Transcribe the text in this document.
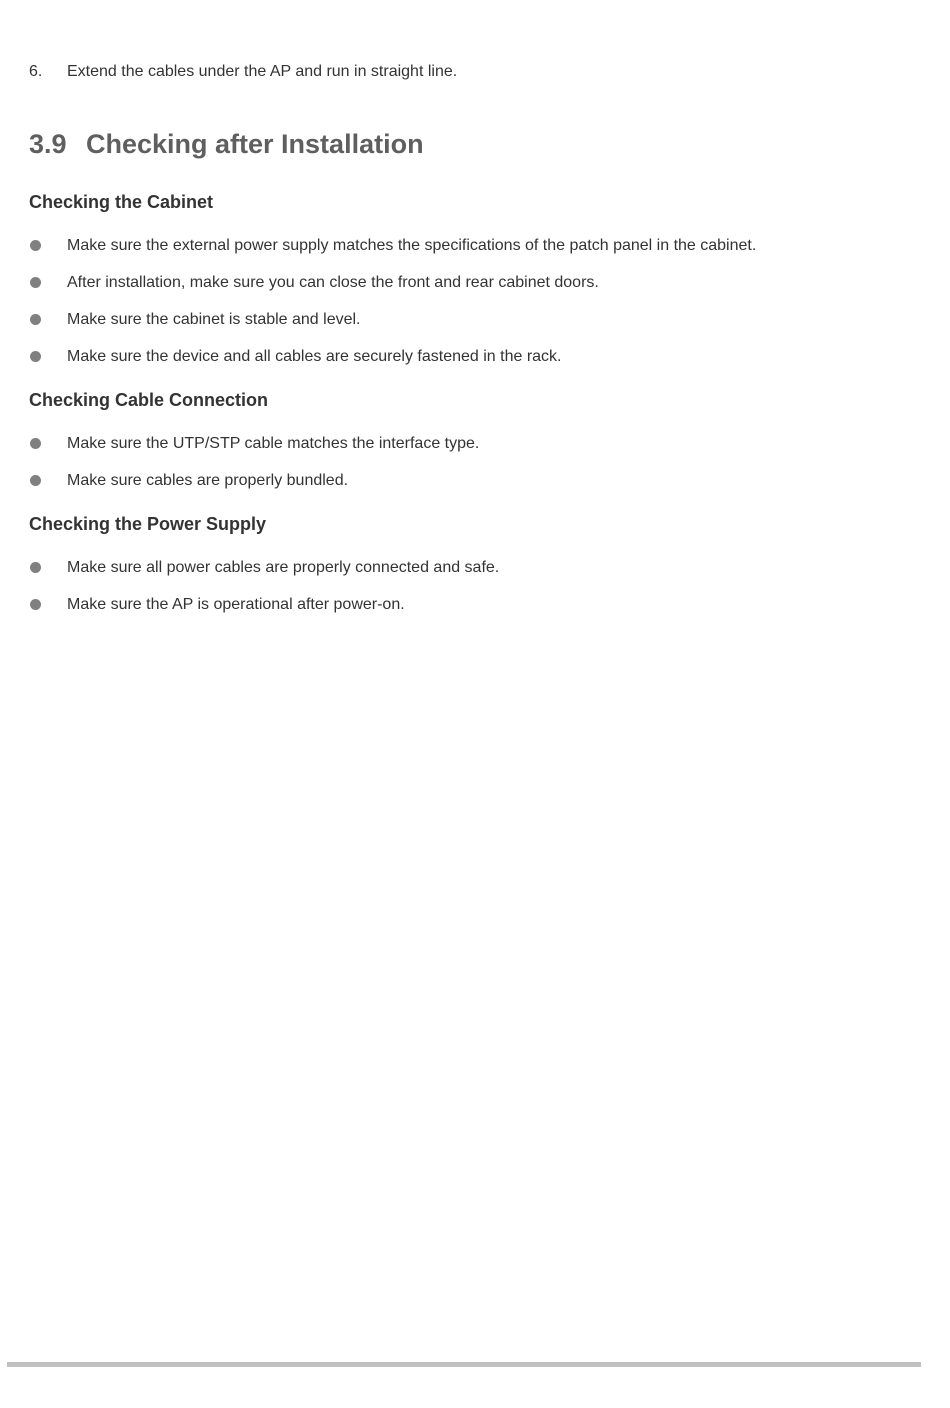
6. Extend the cables under the AP and run in straight line.
3.9 Checking after Installation
Checking the Cabinet
Make sure the external power supply matches the specifications of the patch panel in the cabinet.
After installation, make sure you can close the front and rear cabinet doors.
Make sure the cabinet is stable and level.
Make sure the device and all cables are securely fastened in the rack.
Checking Cable Connection
Make sure the UTP/STP cable matches the interface type.
Make sure cables are properly bundled.
Checking the Power Supply
Make sure all power cables are properly connected and safe.
Make sure the AP is operational after power-on.
